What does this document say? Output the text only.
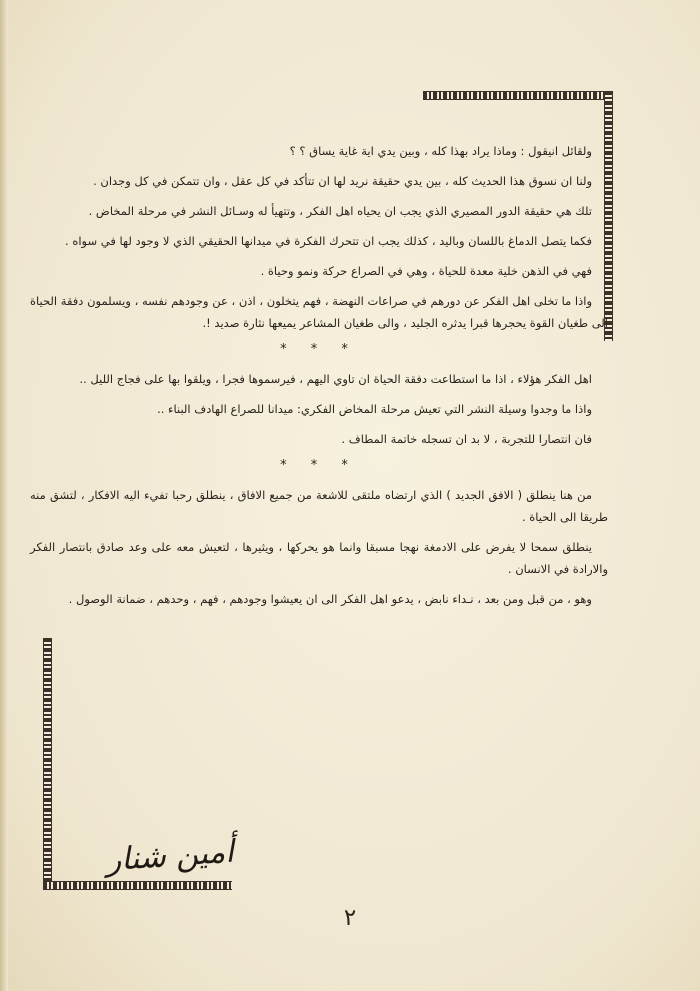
ولقائل انيقول : وماذا يراد بهذا كله ، وبين يدي اية غاية يساق ؟ ؟

ولنا ان نسوق هذا الحديث كله ، بين يدي حقيقة نريد لها ان تتأكد في كل عقل ، وان تتمكن في كل وجدان .

تلك هي حقيقة الدور المصيري الذي يجب ان يحياه اهل الفكر ، وتتهيأ له وسـائل النشر في مرحلة المخاض .

فكما يتصل الدماغ باللسان وباليد ، كذلك يجب ان تتحرك الفكرة في ميدانها الحقيقي الذي لا وجود لها في سواه .

فهي في الذهن خلية معدة للحياة ، وهي في الصراع حركة ونمو وحياة .

واذا ما تخلى اهل الفكر عن دورهم في صراعات النهضة ، فهم يتخلون ، اذن ، عن وجودهم نفسه ، ويسلمون دفقة الحياة الى طغيان القوة يحجرها قبرا يدثره الجليد ، والى طغيان المشاعر يميعها نثارة صديد !.

* * *

اهل الفكر هؤلاء ، اذا ما استطاعت دفقة الحياة ان تاوي اليهم ، فيرسموها فجرا ، ويلقوا بها على فجاج الليل ..

واذا ما وجدوا وسيلة النشر التي تعيش مرحلة المخاض الفكري: ميدانا للصراع الهادف البناء ..

فان انتصارا للتجربة ، لا بد ان تسجله خاتمة المطاف .

* * *

من هنا ينطلق ( الافق الجديد ) الذي ارتضاه ملتقى للاشعة من جميع الافاق ، ينطلق رحبا تفيء اليه الافكار ، لتشق منه طريقا الى الحياة .

ينطلق سمحا لا يفرض على الادمغة نهجا مسبقا وانما هو يحركها ، ويثيرها ، لتعيش معه على وعد صادق بانتصار الفكر والارادة في الانسان .

وهو ، من قبل ومن بعد ، نـداء نابض ، يدعو اهل الفكر الى ان يعيشوا وجودهم ، فهم ، وحدهم ، ضمانة الوصول .

أمين شنار
٢
